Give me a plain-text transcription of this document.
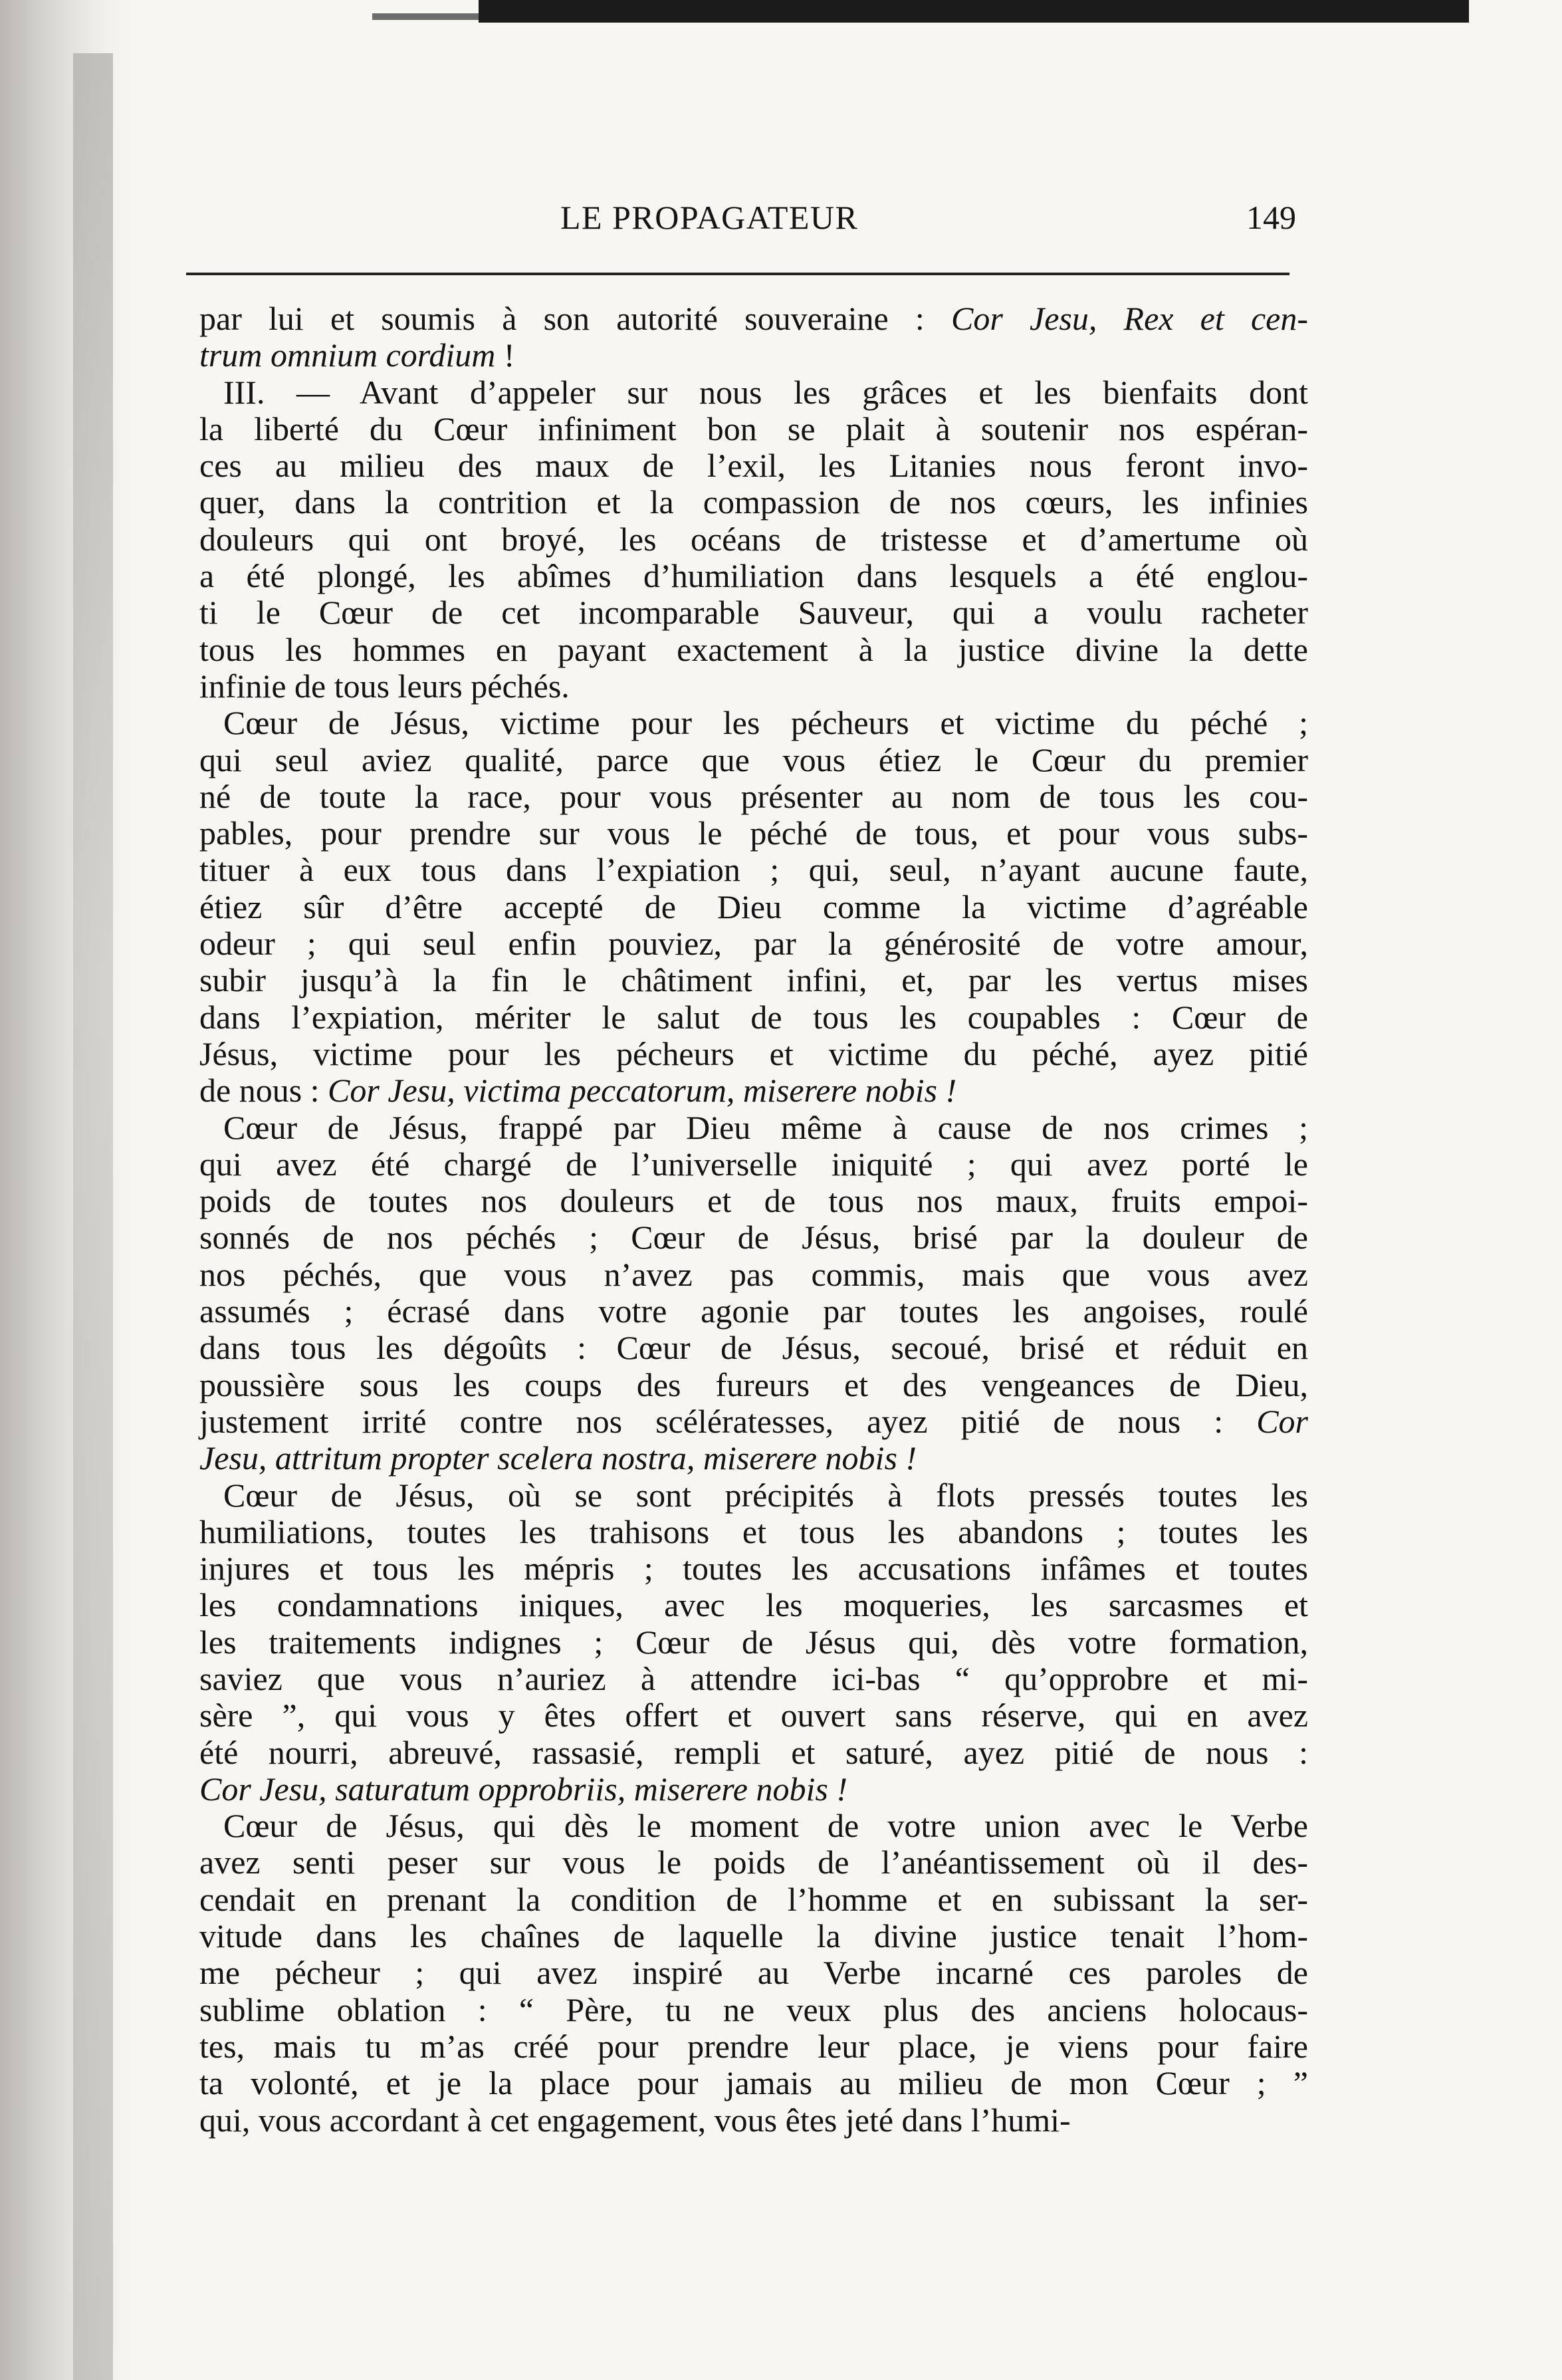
LE PROPAGATEUR	149
par lui et soumis à son autorité souveraine : Cor Jesu, Rex et cen-
trum omnium cordium !
III. — Avant d’appeler sur nous les grâces et les bienfaits dont
la liberté du Cœur infiniment bon se plait à soutenir nos espéran-
ces au milieu des maux de l’exil, les Litanies nous feront invo-
quer, dans la contrition et la compassion de nos cœurs, les infinies
douleurs qui ont broyé, les océans de tristesse et d’amertume où
a été plongé, les abîmes d’humiliation dans lesquels a été englou-
ti le Cœur de cet incomparable Sauveur, qui a voulu racheter
tous les hommes en payant exactement à la justice divine la dette
infinie de tous leurs péchés.
Cœur de Jésus, victime pour les pécheurs et victime du péché ;
qui seul aviez qualité, parce que vous étiez le Cœur du premier
né de toute la race, pour vous présenter au nom de tous les cou-
pables, pour prendre sur vous le péché de tous, et pour vous subs-
tituer à eux tous dans l’expiation ; qui, seul, n’ayant aucune faute,
étiez sûr d’être accepté de Dieu comme la victime d’agréable
odeur ; qui seul enfin pouviez, par la générosité de votre amour,
subir jusqu’à la fin le châtiment infini, et, par les vertus mises
dans l’expiation, mériter le salut de tous les coupables : Cœur de
Jésus, victime pour les pécheurs et victime du péché, ayez pitié
de nous : Cor Jesu, victima peccatorum, miserere nobis !
Cœur de Jésus, frappé par Dieu même à cause de nos crimes ;
qui avez été chargé de l’universelle iniquité ; qui avez porté le
poids de toutes nos douleurs et de tous nos maux, fruits empoi-
sonnés de nos péchés ; Cœur de Jésus, brisé par la douleur de
nos péchés, que vous n’avez pas commis, mais que vous avez
assumés ; écrasé dans votre agonie par toutes les angoises, roulé
dans tous les dégoûts : Cœur de Jésus, secoué, brisé et réduit en
poussière sous les coups des fureurs et des vengeances de Dieu,
justement irrité contre nos scélératesses, ayez pitié de nous : Cor
Jesu, attritum propter scelera nostra, miserere nobis !
Cœur de Jésus, où se sont précipités à flots pressés toutes les
humiliations, toutes les trahisons et tous les abandons ; toutes les
injures et tous les mépris ; toutes les accusations infâmes et toutes
les condamnations iniques, avec les moqueries, les sarcasmes et
les traitements indignes ; Cœur de Jésus qui, dès votre formation,
saviez que vous n’auriez à attendre ici-bas “ qu’opprobre et mi-
sère ”, qui vous y êtes offert et ouvert sans réserve, qui en avez
été nourri, abreuvé, rassasié, rempli et saturé, ayez pitié de nous :
Cor Jesu, saturatum opprobriis, miserere nobis !
Cœur de Jésus, qui dès le moment de votre union avec le Verbe
avez senti peser sur vous le poids de l’anéantissement où il des-
cendait en prenant la condition de l’homme et en subissant la ser-
vitude dans les chaînes de laquelle la divine justice tenait l’hom-
me pécheur ; qui avez inspiré au Verbe incarné ces paroles de
sublime oblation : “ Père, tu ne veux plus des anciens holocaus-
tes, mais tu m’as créé pour prendre leur place, je viens pour faire
ta volonté, et je la place pour jamais au milieu de mon Cœur ; ”
qui, vous accordant à cet engagement, vous êtes jeté dans l’humi-
